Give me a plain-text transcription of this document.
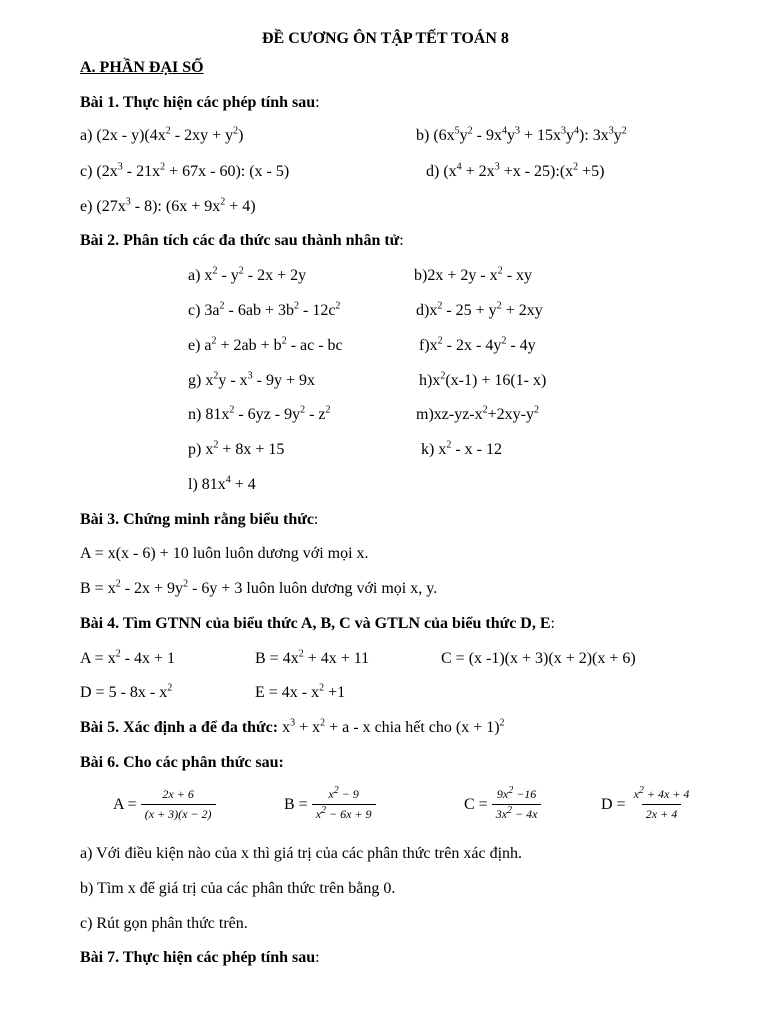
ĐỀ CƯƠNG ÔN TẬP TẾT TOÁN 8
A. PHẦN ĐẠI SỐ
Bài 1. Thực hiện các phép tính sau:
a) $(2x - y)(4x^2 - 2xy + y^2)$	b) $(6x^5y^2 - 9x^4y^3 + 15x^3y^4)$: $3x^3y^2$
c) $(2x^3 - 21x^2 + 67x - 60)$: (x - 5)	d) ($x^4 + 2x^3 +x$ - $25):(x^2 +5)$
e) $(27x^3 - 8)$: $(6x + 9x^2 + 4)$
Bài 2. Phân tích các đa thức sau thành nhân tử:
a) $x^2 - y^2 - 2x + 2y$	$b)2x + 2y - x^2$ - xy
c) $3a^2 - 6ab + 3b^2 - 12c^2$	$d)x^2 - 25 + y^2 + 2xy$
e) $a^2 + 2ab + b^2$ - ac - bc	$f)x^2 - 2x - 4y^2 - 4y$
g) $x^2y - x^3 - 9y + 9x$	$h)x^2(x-1) + 16(1-$ x)
n) $81x^2 - 6yz - 9y^2 - z^2$	$m)xz-yz-x^2+2xy-y^2$
p) $x^2 + 8x + 15$	k) $x^2$ - x - 12
l) $81x^4 + 4$
Bài 3. Chứng minh rằng biểu thức:
A = x(x - 6) + 10 luôn luôn dương với mọi x.
$B = x^2 - 2x + 9y^2 - 6y + 3$ luôn luôn dương với mọi x, y.
Bài 4. Tìm GTNN của biểu thức A, B, C và GTLN của biểu thức D, E:
$A = x^2 - 4x + 1$	$B = 4x^2 + 4x + 11$	C = (x -1)(x + 3)(x + 2)(x + 6)
$D = 5 - 8x - x^2$	$E = 4x - x^2 +1$
Bài 5. Xác định a để đa thức: $x^3 + x^2 + a - x$ chia hết cho $(x + 1)^2$
Bài 6. Cho các phân thức sau:
$A = \frac{2x + 6}{(x + 3)(x - 2)}$	$B = \frac{x^2 - 9}{x^2 - 6x + 9}$	$C = \frac{9x^2 -16}{3x^2 - 4x}$	$D = \frac{x^2 + 4x + 4}{2x + 4}$
a) Với điều kiện nào của x thì giá trị của các phân thức trên xác định.
b) Tìm x để giá trị của các phân thức trên bằng 0.
c) Rút gọn phân thức trên.
Bài 7. Thực hiện các phép tính sau:
